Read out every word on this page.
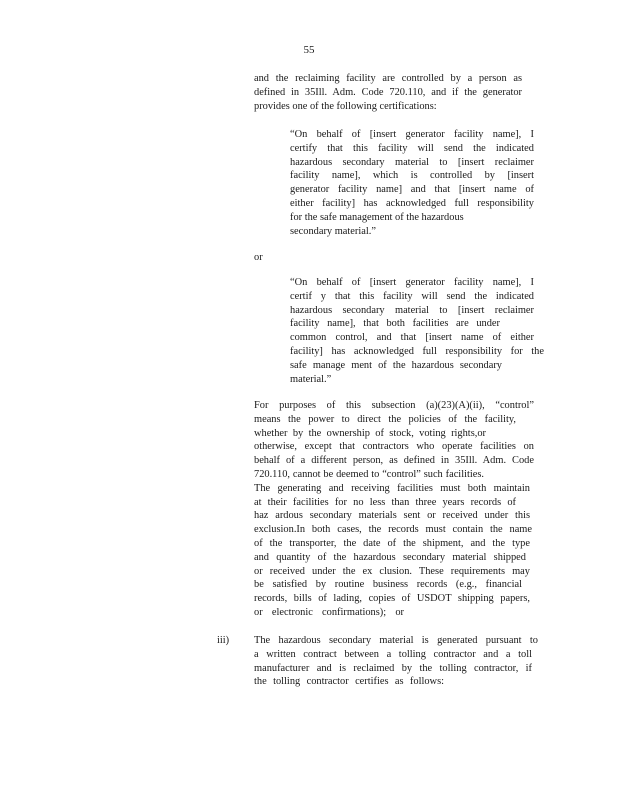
55
and the reclaiming facility are controlled by a person as
defined in 35Ill. Adm. Code 720.110, and if the generator
provides one of the following certifications:
“On behalf of [insert generator facility name], I
certify that this facility will send the indicated
hazardous secondary material to [insert reclaimer
facility name], which is controlled by [insert
generator facility name] and that [insert name of
either facility] has acknowledged full responsibility
for the safe management of the hazardous
secondary material.”
or
“On behalf of [insert generator facility name], I
certif y that this facility will send the indicated
hazardous secondary material to [insert reclaimer
facility name], that both facilities are under
common control, and that [insert name of either
facility] has acknowledged full responsibility for the
safe manage ment of the hazardous secondary
material.”
For purposes of this subsection (a)(23)(A)(ii), “control”
means the power to direct the policies of the facility,
whether by the ownership of stock, voting rights,or
otherwise, except that contractors who operate facilities on
behalf of a different person, as defined in 35Ill. Adm. Code
720.110, cannot be deemed to “control” such facilities.
The generating and receiving facilities must both maintain
at their facilities for no less than three years records of
haz ardous secondary materials sent or received under this
exclusion.In both cases, the records must contain the name
of the transporter, the date of the shipment, and the type
and quantity of the hazardous secondary material shipped
or received under the ex clusion. These requirements may
be satisfied by routine business records (e.g., financial
records, bills of lading, copies of USDOT shipping papers,
or electronic confirmations); or
iii) The hazardous secondary material is generated pursuant to
a written contract between a tolling contractor and a toll
manufacturer and is reclaimed by the tolling contractor, if
the tolling contractor certifies as follows:
